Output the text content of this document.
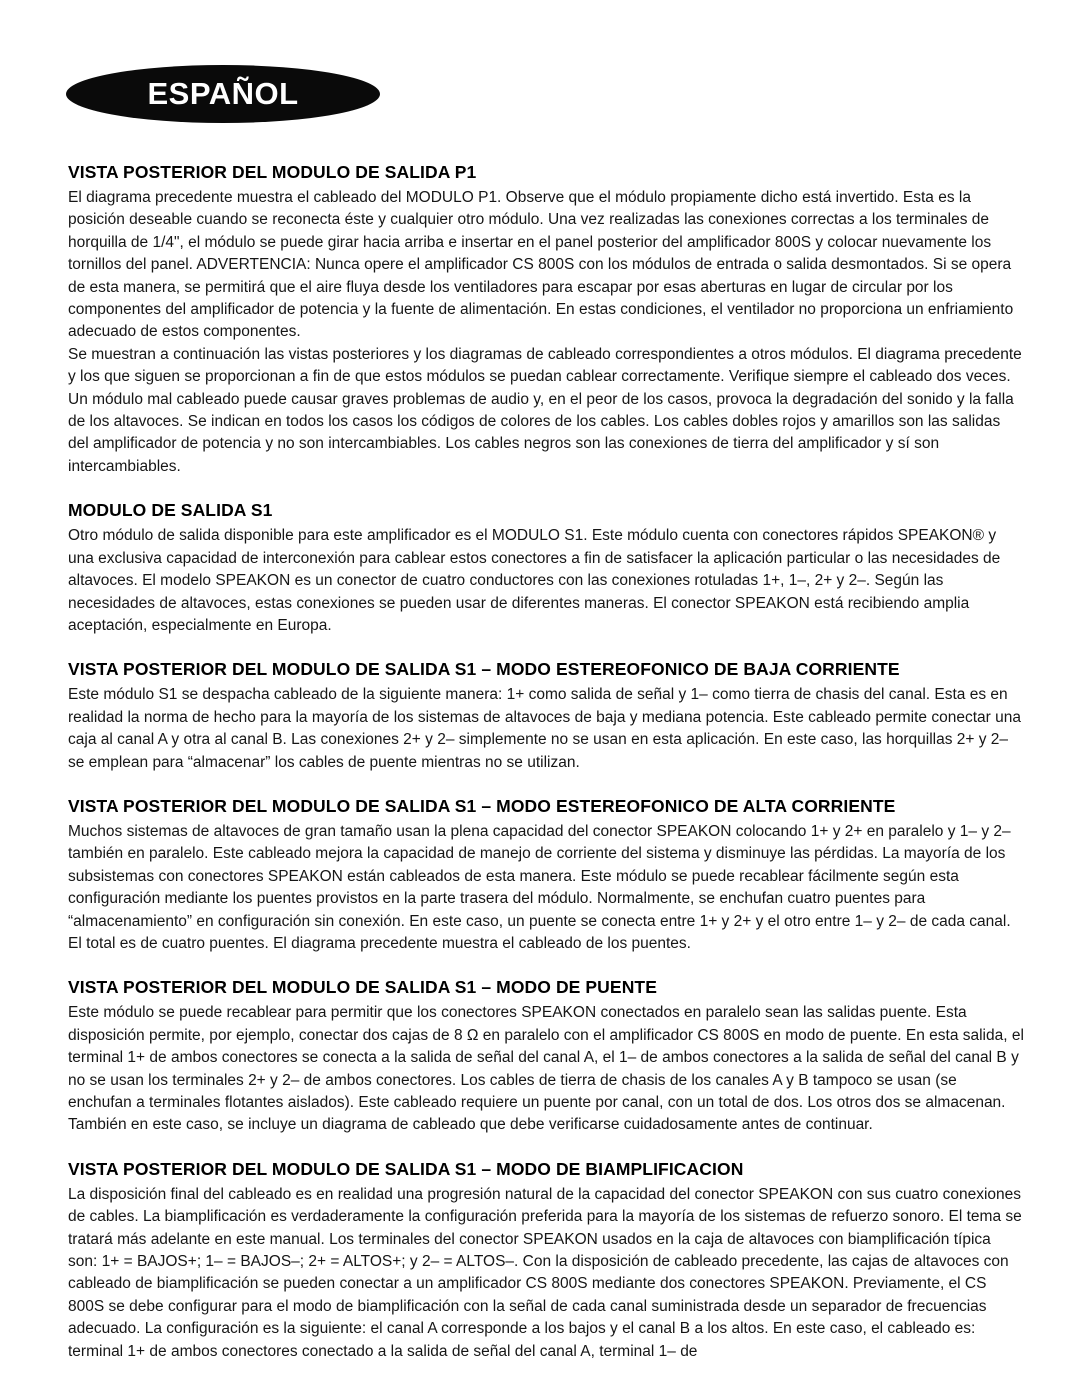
ESPAÑOL
VISTA POSTERIOR DEL MODULO DE SALIDA P1

El diagrama precedente muestra el cableado del MODULO P1. Observe que el módulo propiamente dicho está invertido. Esta es la posición deseable cuando se reconecta éste y cualquier otro módulo. Una vez realizadas las conexiones correctas a los terminales de horquilla de 1/4", el módulo se puede girar hacia arriba e insertar en el panel posterior del amplificador 800S y colocar nuevamente los tornillos del panel. ADVERTENCIA: Nunca opere el amplificador CS 800S con los módulos de entrada o salida desmontados. Si se opera de esta manera, se permitirá que el aire fluya desde los ventiladores para escapar por esas aberturas en lugar de circular por los componentes del amplificador de potencia y la fuente de alimentación. En estas condiciones, el ventilador no proporciona un enfriamiento adecuado de estos componentes.

Se muestran a continuación las vistas posteriores y los diagramas de cableado correspondientes a otros módulos. El diagrama precedente y los que siguen se proporcionan a fin de que estos módulos se puedan cablear correctamente. Verifique siempre el cableado dos veces. Un módulo mal cableado puede causar graves problemas de audio y, en el peor de los casos, provoca la degradación del sonido y la falla de los altavoces. Se indican en todos los casos los códigos de colores de los cables. Los cables dobles rojos y amarillos son las salidas del amplificador de potencia y no son intercambiables. Los cables negros son las conexiones de tierra del amplificador y sí son intercambiables.

MODULO DE SALIDA S1

Otro módulo de salida disponible para este amplificador es el MODULO S1. Este módulo cuenta con conectores rápidos SPEAKON® y una exclusiva capacidad de interconexión para cablear estos conectores a fin de satisfacer la aplicación particular o las necesidades de altavoces. El modelo SPEAKON es un conector de cuatro conductores con las conexiones rotuladas 1+, 1–, 2+ y 2–. Según las necesidades de altavoces, estas conexiones se pueden usar de diferentes maneras. El conector SPEAKON está recibiendo amplia aceptación, especialmente en Europa.

VISTA POSTERIOR DEL MODULO DE SALIDA S1 – MODO ESTEREOFONICO DE BAJA CORRIENTE

Este módulo S1 se despacha cableado de la siguiente manera: 1+ como salida de señal y 1– como tierra de chasis del canal. Esta es en realidad la norma de hecho para la mayoría de los sistemas de altavoces de baja y mediana potencia. Este cableado permite conectar una caja al canal A y otra al canal B. Las conexiones 2+ y 2– simplemente no se usan en esta aplicación. En este caso, las horquillas 2+ y 2– se emplean para “almacenar” los cables de puente mientras no se utilizan.

VISTA POSTERIOR DEL MODULO DE SALIDA S1 – MODO ESTEREOFONICO DE ALTA CORRIENTE

Muchos sistemas de altavoces de gran tamaño usan la plena capacidad del conector SPEAKON colocando 1+ y 2+ en paralelo y 1– y 2– también en paralelo. Este cableado mejora la capacidad de manejo de corriente del sistema y disminuye las pérdidas. La mayoría de los subsistemas con conectores SPEAKON están cableados de esta manera. Este módulo se puede recablear fácilmente según esta configuración mediante los puentes provistos en la parte trasera del módulo. Normalmente, se enchufan cuatro puentes para “almacenamiento” en configuración sin conexión. En este caso, un puente se conecta entre 1+ y 2+ y el otro entre 1– y 2– de cada canal. El total es de cuatro puentes. El diagrama precedente muestra el cableado de los puentes.

VISTA POSTERIOR DEL MODULO DE SALIDA S1 – MODO DE PUENTE

Este módulo se puede recablear para permitir que los conectores SPEAKON conectados en paralelo sean las salidas puente. Esta disposición permite, por ejemplo, conectar dos cajas de 8 Ω en paralelo con el amplificador CS 800S en modo de puente. En esta salida, el terminal 1+ de ambos conectores se conecta a la salida de señal del canal A, el 1– de ambos conectores a la salida de señal del canal B y no se usan los terminales 2+ y 2– de ambos conectores. Los cables de tierra de chasis de los canales A y B tampoco se usan (se enchufan a terminales flotantes aislados). Este cableado requiere un puente por canal, con un total de dos. Los otros dos se almacenan. También en este caso, se incluye un diagrama de cableado que debe verificarse cuidadosamente antes de continuar.

VISTA POSTERIOR DEL MODULO DE SALIDA S1 – MODO DE BIAMPLIFICACION

La disposición final del cableado es en realidad una progresión natural de la capacidad del conector SPEAKON con sus cuatro conexiones de cables. La biamplificación es verdaderamente la configuración preferida para la mayoría de los sistemas de refuerzo sonoro. El tema se tratará más adelante en este manual. Los terminales del conector SPEAKON usados en la caja de altavoces con biamplificación típica son: 1+ = BAJOS+; 1– = BAJOS–; 2+ = ALTOS+; y 2– = ALTOS–. Con la disposición de cableado precedente, las cajas de altavoces con cableado de biamplificación se pueden conectar a un amplificador CS 800S mediante dos conectores SPEAKON. Previamente, el CS 800S se debe configurar para el modo de biamplificación con la señal de cada canal suministrada desde un separador de frecuencias adecuado. La configuración es la siguiente: el canal A corresponde a los bajos y el canal B a los altos. En este caso, el cableado es: terminal 1+ de ambos conectores conectado a la salida de señal del canal A, terminal 1– de
